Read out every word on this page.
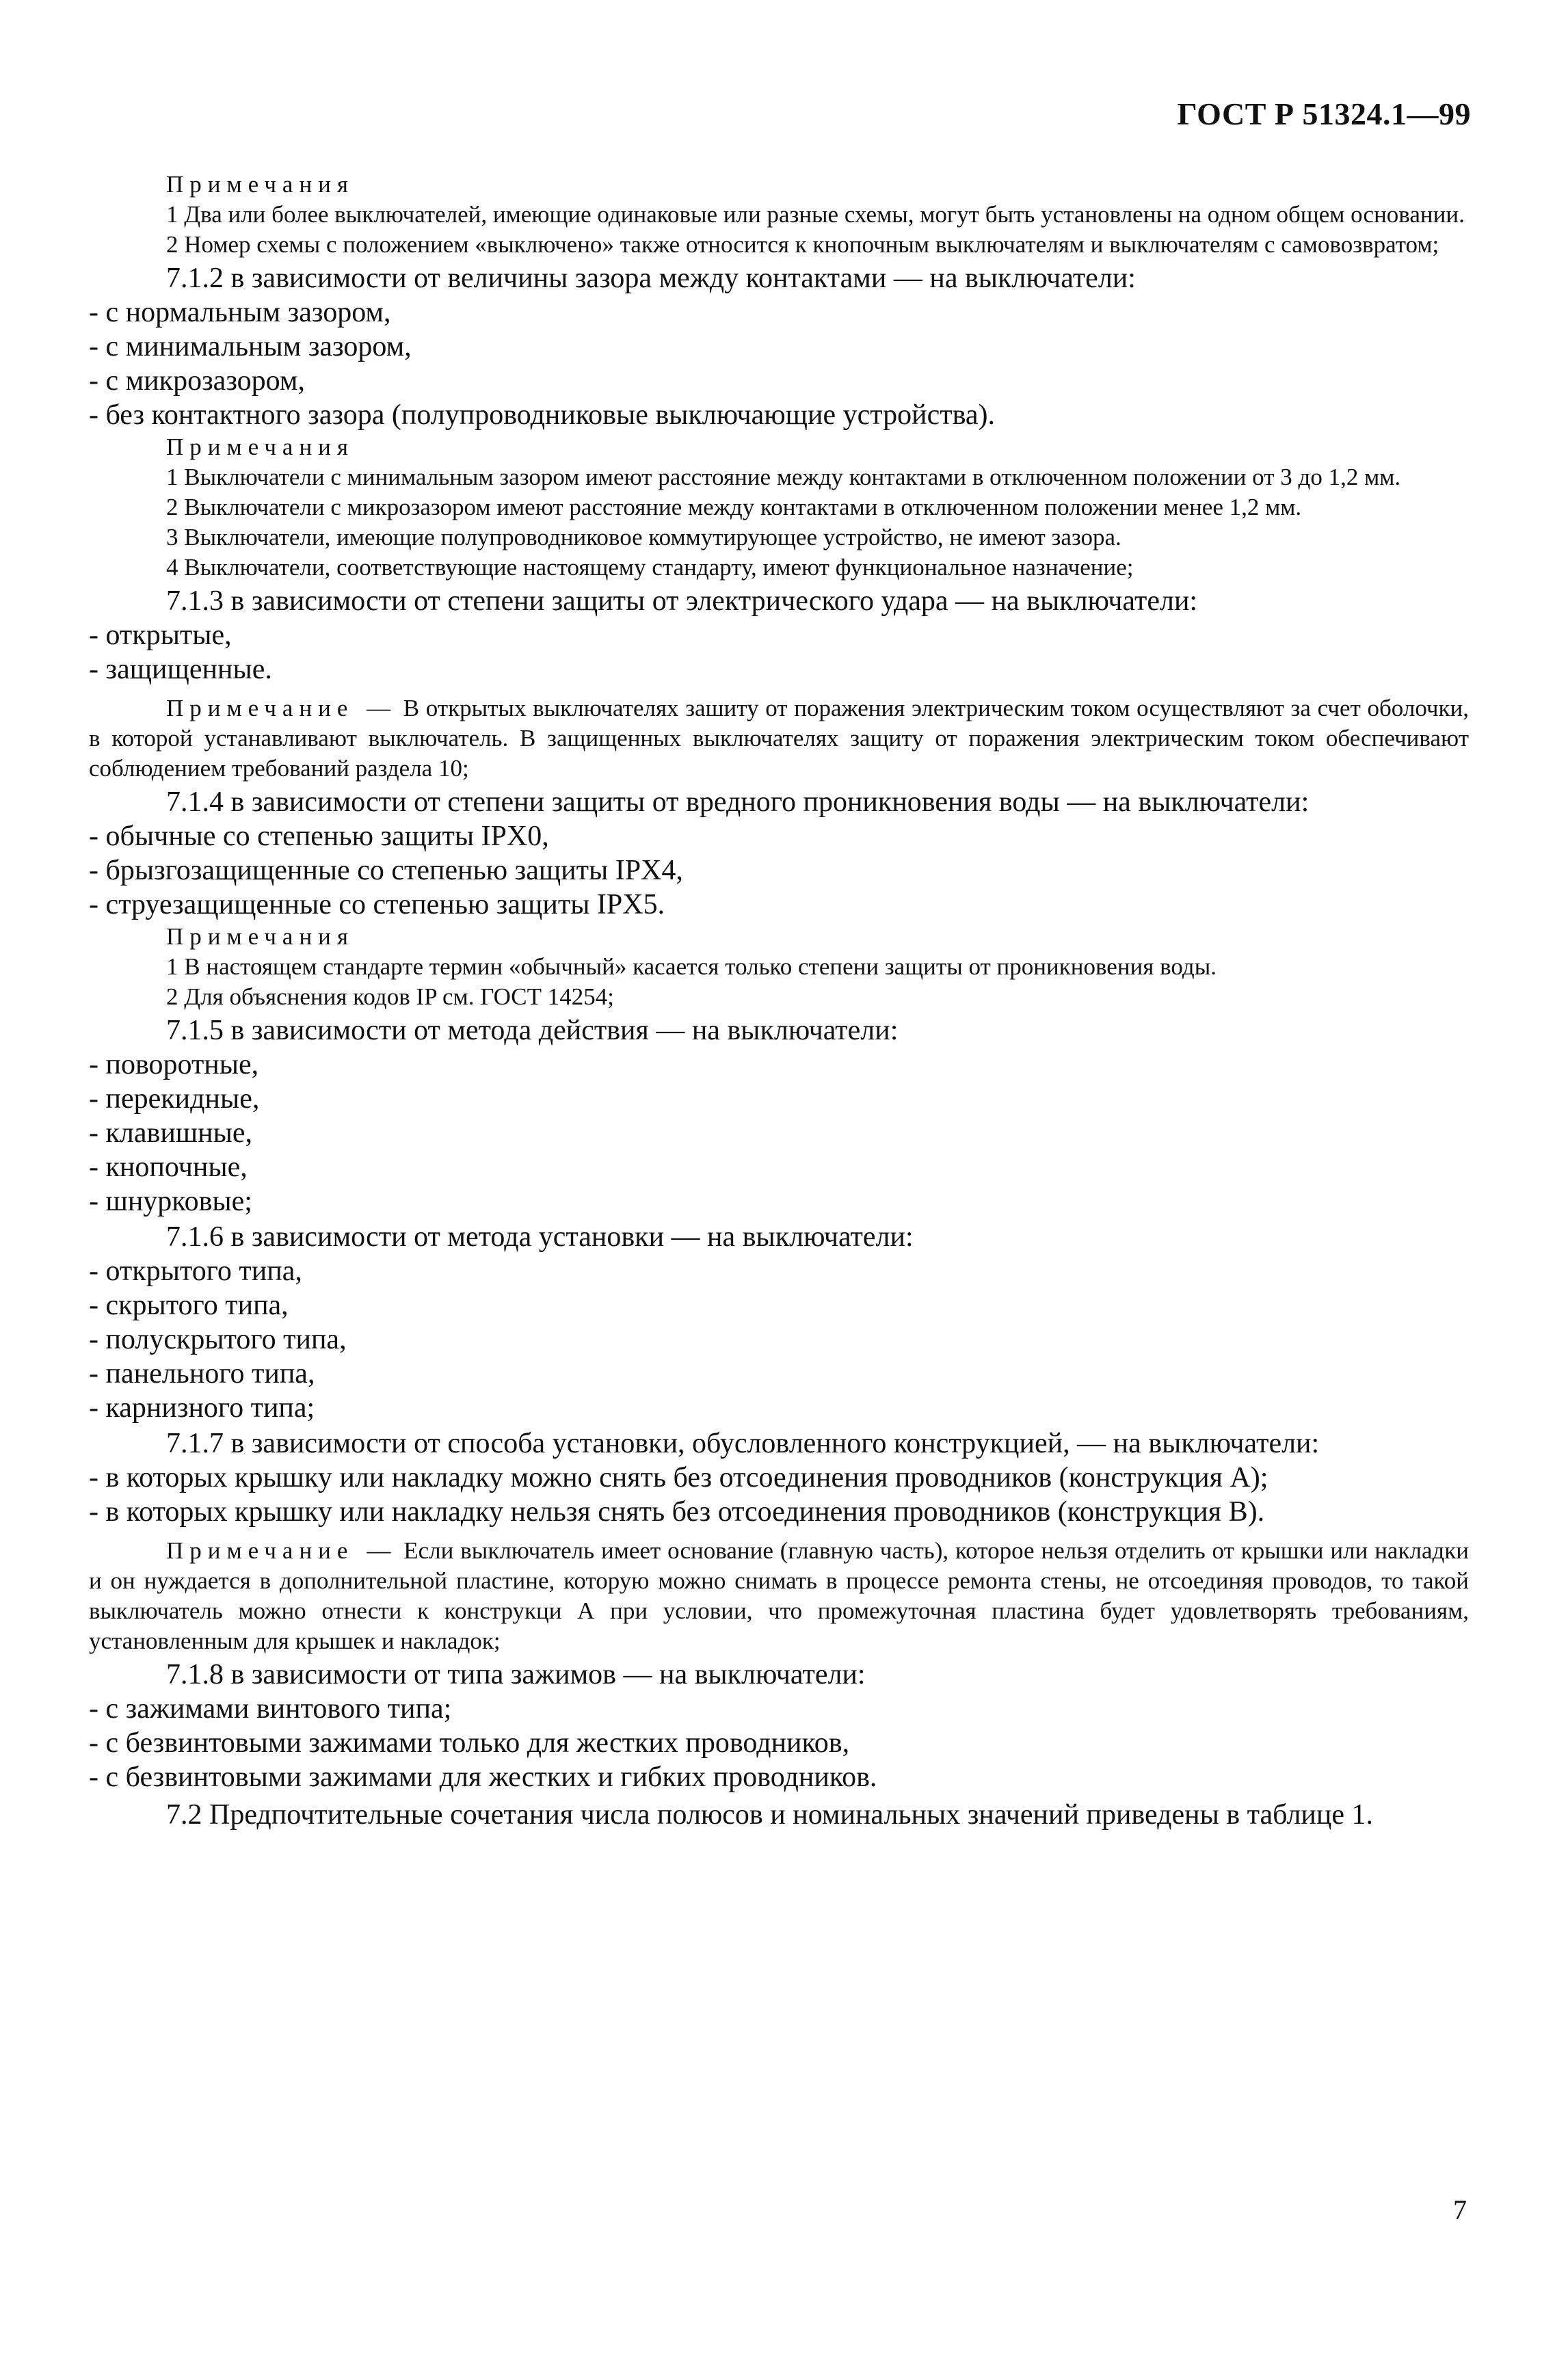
ГОСТ Р 51324.1—99
Примечания

1 Два или более выключателей, имеющие одинаковые или разные схемы, могут быть установлены на одном общем основании.

2 Номер схемы с положением «выключено» также относится к кнопочным выключателям и выключателям с самовозвратом;

7.1.2 в зависимости от величины зазора между контактами — на выключатели:

- с нормальным зазором,

- с минимальным зазором,

- с микрозазором,

- без контактного зазора (полупроводниковые выключающие устройства).

Примечания

1 Выключатели с минимальным зазором имеют расстояние между контактами в отключенном положении от 3 до 1,2 мм.

2 Выключатели с микрозазором имеют расстояние между контактами в отключенном положении менее 1,2 мм.

3 Выключатели, имеющие полупроводниковое коммутирующее устройство, не имеют зазора.

4 Выключатели, соответствующие настоящему стандарту, имеют функциональное назначение;

7.1.3 в зависимости от степени защиты от электрического удара — на выключатели:

- открытые,

- защищенные.

Примечание — В открытых выключателях зашиту от поражения электрическим током осуществляют за счет оболочки, в которой устанавливают выключатель. В защищенных выключателях защиту от поражения электрическим током обеспечивают соблюдением требований раздела 10;

7.1.4 в зависимости от степени защиты от вредного проникновения воды — на выключатели:

- обычные со степенью защиты IPX0,

- брызгозащищенные со степенью защиты IPX4,

- струезащищенные со степенью защиты IPX5.

Примечания

1 В настоящем стандарте термин «обычный» касается только степени защиты от проникновения воды.

2 Для объяснения кодов IP см. ГОСТ 14254;

7.1.5 в зависимости от метода действия — на выключатели:

- поворотные,

- перекидные,

- клавишные,

- кнопочные,

- шнурковые;

7.1.6 в зависимости от метода установки — на выключатели:

- открытого типа,

- скрытого типа,

- полускрытого типа,

- панельного типа,

- карнизного типа;

7.1.7 в зависимости от способа установки, обусловленного конструкцией, — на выключатели:

- в которых крышку или накладку можно снять без отсоединения проводников (конструкция А);

- в которых крышку или накладку нельзя снять без отсоединения проводников (конструкция В).

Примечание — Если выключатель имеет основание (главную часть), которое нельзя отделить от крышки или накладки и он нуждается в дополнительной пластине, которую можно снимать в процессе ремонта стены, не отсоединяя проводов, то такой выключатель можно отнести к конструкци А при условии, что промежуточная пластина будет удовлетворять требованиям, установленным для крышек и накладок;

7.1.8 в зависимости от типа зажимов — на выключатели:

- с зажимами винтового типа;

- с безвинтовыми зажимами только для жестких проводников,

- с безвинтовыми зажимами для жестких и гибких проводников.

7.2 Предпочтительные сочетания числа полюсов и номинальных значений приведены в таблице 1.

7
